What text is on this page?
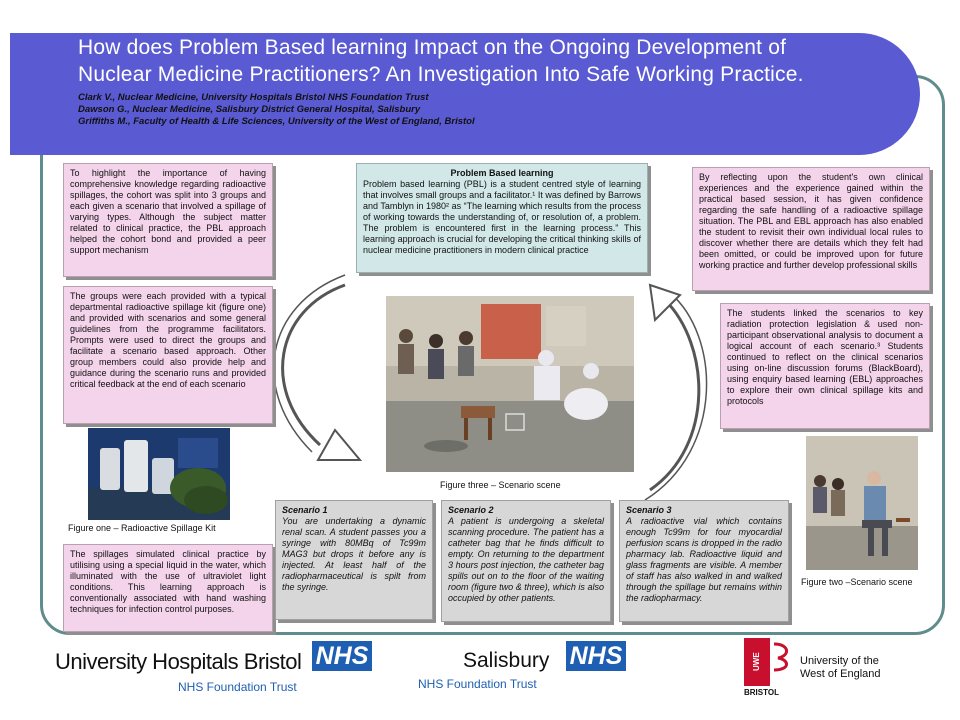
How does Problem Based learning Impact on the Ongoing Development of
Nuclear Medicine Practitioners? An Investigation Into Safe Working Practice.
Clark V., Nuclear Medicine, University Hospitals Bristol NHS Foundation Trust
Dawson G., Nuclear Medicine, Salisbury District General Hospital, Salisbury
Griffiths M., Faculty of Health & Life Sciences, University of the West of England, Bristol
To highlight the importance of having comprehensive knowledge regarding radioactive spillages, the cohort was split into 3 groups and each given a scenario that involved a spillage of varying types. Although the subject matter related to clinical practice, the PBL approach helped the cohort bond and provided a peer support mechanism
The groups were each provided with a typical departmental radioactive spillage kit (figure one) and provided with scenarios and some general guidelines from the programme facilitators. Prompts were used to direct the groups and facilitate a scenario based approach. Other group members could also provide help and guidance during the scenario runs and provided critical feedback at the end of each scenario
Figure one – Radioactive Spillage Kit
The spillages simulated clinical practice by utilising using a special liquid in the water, which illuminated with the use of ultraviolet light conditions. This learning approach is conventionally associated with hand washing techniques for infection control purposes.
Problem Based learning
Problem based learning (PBL) is a student centred style of learning that involves small groups and a facilitator.¹ It was defined by Barrows and Tamblyn in 1980² as “The learning which results from the process of working towards the understanding of, or resolution of, a problem. The problem is encountered first in the learning process.” This learning approach is crucial for developing the critical thinking skills of nuclear medicine practitioners in modern clinical practice
Figure three – Scenario scene
Scenario 1
You are undertaking a dynamic renal scan. A student passes you a syringe with 80MBq of Tc99m MAG3 but drops it before any is injected. At least half of the radiopharmaceutical is spilt from the syringe.
Scenario 2
A patient is undergoing a skeletal scanning procedure. The patient has a catheter bag that he finds difficult to empty. On returning to the department 3 hours post injection, the catheter bag spills out on to the floor of the waiting room (figure two & three), which is also occupied by other patients.
Scenario 3
A radioactive vial which contains enough Tc99m for four myocardial perfusion scans is dropped in the radio pharmacy lab. Radioactive liquid and glass fragments are visible. A member of staff has also walked in and walked through the spillage but remains within the radiopharmacy.
By reflecting upon the student's own clinical experiences and the experience gained within the practical based session, it has given confidence regarding the safe handling of a radioactive spillage situation. The PBL and EBL approach has also enabled the student to revisit their own individual local rules to discover whether there are details which they felt had been omitted, or could be improved upon for future working practice and further develop professional skills
The students linked the scenarios to key radiation protection legislation & used non-participant observational analysis to document a logical account of each scenario.³ Students continued to reflect on the clinical scenarios using on-line discussion forums (BlackBoard), using enquiry based learning (EBL) approaches to explore their own clinical spillage kits and protocols
Figure two –Scenario scene
University Hospitals Bristol NHS
NHS Foundation Trust
Salisbury NHS
NHS Foundation Trust
UWE
BRISTOL
University of the
West of England
